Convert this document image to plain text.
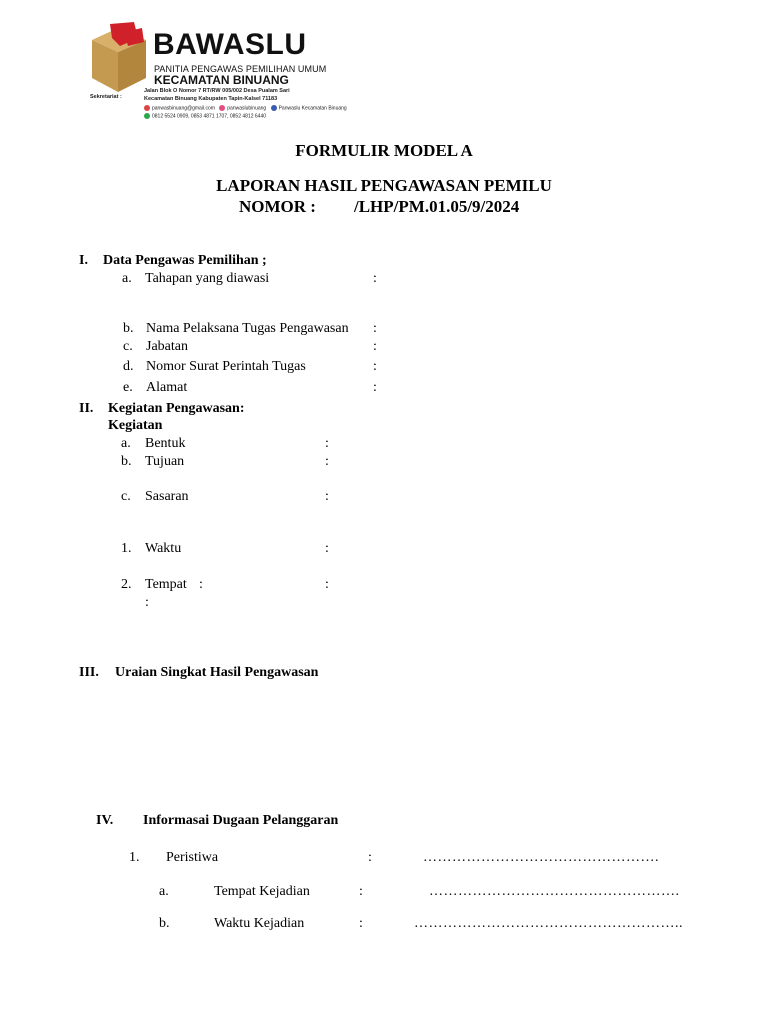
BAWASLU
PANITIA PENGAWAS PEMILIHAN UMUM
KECAMATAN BINUANG
Sekretariat :
Jalan Blok O Nomor 7 RT/RW 005/002 Desa Pualam Sari
Kecamatan Binuang Kabupaten Tapin-Kalsel 71183
panwasbinuang@gmail.com panwaslubinuang Panwaslu Kecamatan Binuang
0812 5524 0909, 0853 4871 1707, 0852 4812 6440
FORMULIR MODEL A
LAPORAN HASIL PENGAWASAN PEMILU
NOMOR : /LHP/PM.01.05/9/2024
I. Data Pengawas Pemilihan ;
a. Tahapan yang diawasi	:
b. Nama Pelaksana Tugas Pengawasan :
c. Jabatan	:
d. Nomor Surat Perintah Tugas	:
e. Alamat	:
II. Kegiatan Pengawasan:
Kegiatan
a. Bentuk	:
b. Tujuan	:
c. Sasaran	:
1. Waktu	:
2. Tempat :	:
:
III. Uraian Singkat Hasil Pengawasan
IV. Informasai Dugaan Pelanggaran
1. Peristiwa	:	………………………………………….
a.	Tempat Kejadian	:	…………………………………………….
b.	Waktu Kejadian	:	………………………………………………..
